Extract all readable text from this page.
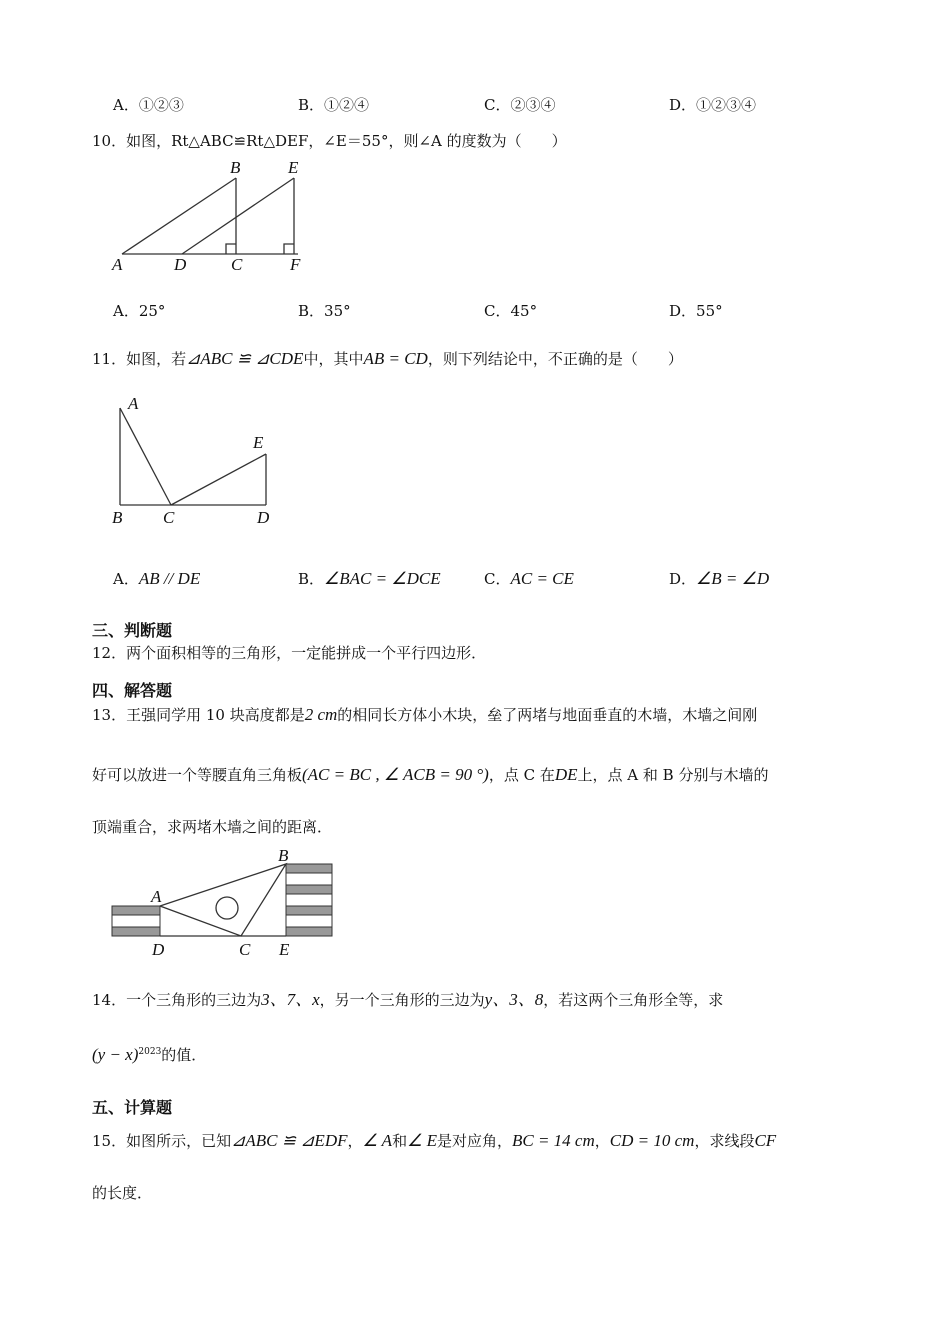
A．①②③	B．①②④	C．②③④	D．①②③④
10．如图，Rt△ABC≌Rt△DEF，∠E＝55°，则∠A 的度数为（　　）
A	D	C	F
B	E
A．25°	B．35°	C．45°	D．55°
11．如图，若⊿ABC ≌ ⊿CDE中，其中AB = CD，则下列结论中，不正确的是（　　）
A
E
B C	D
A．AB // DE	B．∠BAC = ∠DCE	C．AC = CE	D．∠B = ∠D
三、判断题
12．两个面积相等的三角形，一定能拼成一个平行四边形．
四、解答题
13．王强同学用 10 块高度都是2 cm的相同长方体小木块，垒了两堵与地面垂直的木墙，木墙之间刚
好可以放进一个等腰直角三角板(AC = BC , ∠ ACB = 90 °)，点 C 在DE上，点 A 和 B 分别与木墙的
顶端重合，求两堵木墙之间的距离．
A
B
D	C E
14．一个三角形的三边为3、7、x，另一个三角形的三边为y、3、8，若这两个三角形全等，求
$(y - x)^{2023}$的值．
五、计算题
15．如图所示，已知⊿ABC ≌ ⊿EDF，∠ A和∠ E是对应角，BC = 14 cm，CD = 10 cm，求线段CF
的长度．
